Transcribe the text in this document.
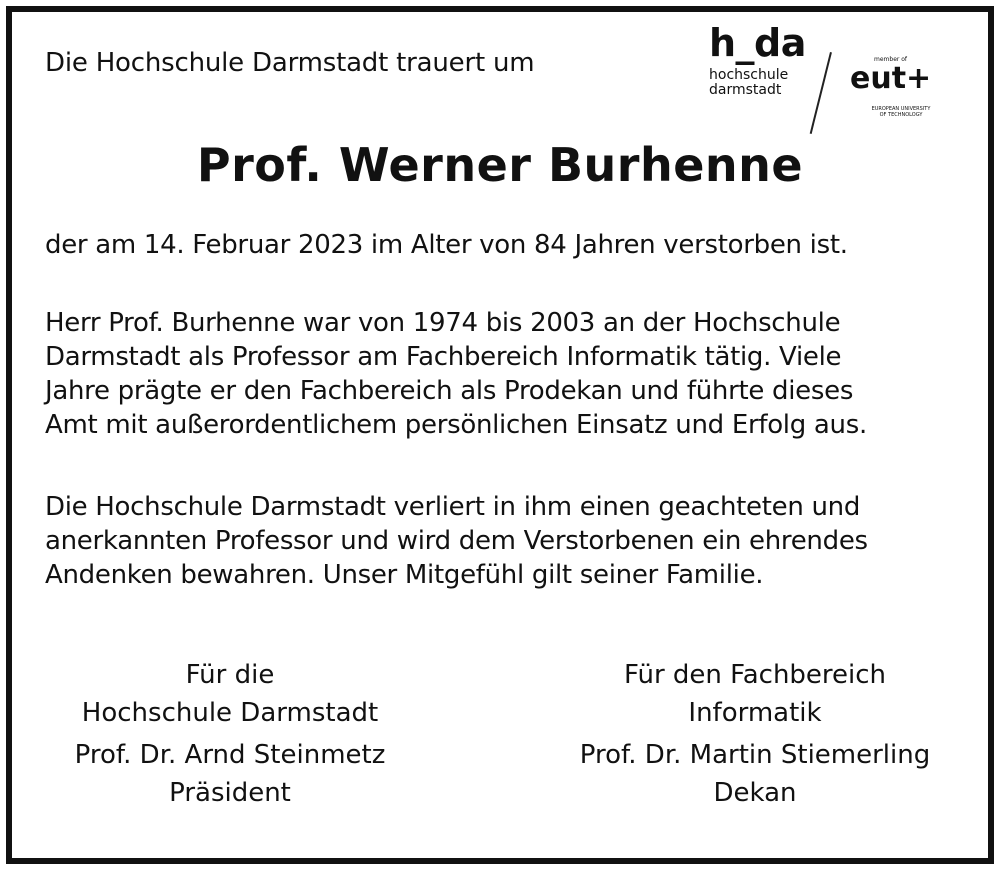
Die Hochschule Darmstadt trauert um	h_da
hochschule
darmstadt
member of
eut+
EUROPEAN UNIVERSITY
OF TECHNOLOGY
Prof. Werner Burhenne
der am 14. Februar 2023 im Alter von 84 Jahren verstorben ist.
Herr Prof. Burhenne war von 1974 bis 2003 an der Hochschule
Darmstadt als Professor am Fachbereich Informatik tätig. Viele
Jahre prägte er den Fachbereich als Prodekan und führte dieses
Amt mit außerordentlichem persönlichen Einsatz und Erfolg aus.
Die Hochschule Darmstadt verliert in ihm einen geachteten und
anerkannten Professor und wird dem Verstorbenen ein ehrendes
Andenken bewahren. Unser Mitgefühl gilt seiner Familie.
Für die
Hochschule Darmstadt
Prof. Dr. Arnd Steinmetz
Präsident
Für den Fachbereich
Informatik
Prof. Dr. Martin Stiemerling
Dekan
